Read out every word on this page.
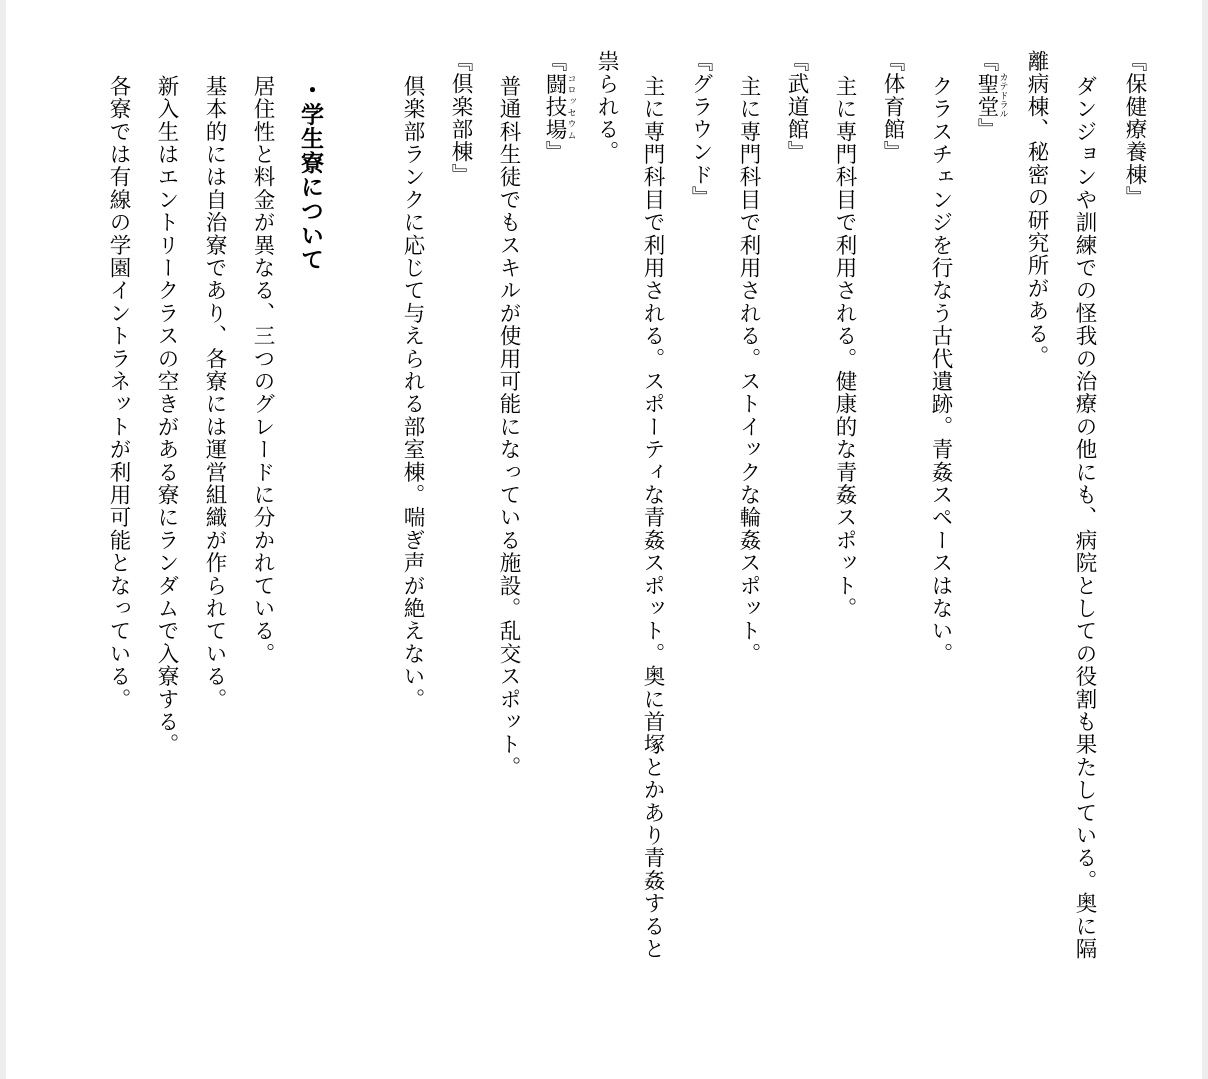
『保健療養棟』

ダンジョンや訓練での怪我の治療の他にも、病院としての役割も果たしている。奥に隔

離病棟、秘密の研究所がある。

『聖堂カテドラル』

クラスチェンジを行なう古代遺跡。青姦スペースはない。

『体育館』

主に専門科目で利用される。健康的な青姦スポット。

『武道館』

主に専門科目で利用される。ストイックな輪姦スポット。

『グラウンド』

主に専門科目で利用される。スポーティな青姦スポット。奥に首塚とかあり青姦すると

祟られる。

『闘技場コロッセウム』

普通科生徒でもスキルが使用可能になっている施設。乱交スポット。

『倶楽部棟』

倶楽部ランクに応じて与えられる部室棟。喘ぎ声が絶えない。

・学生寮について

居住性と料金が異なる、三つのグレードに分かれている。

基本的には自治寮であり、各寮には運営組織が作られている。

新入生はエントリークラスの空きがある寮にランダムで入寮する。

各寮では有線の学園イントラネットが利用可能となっている。
